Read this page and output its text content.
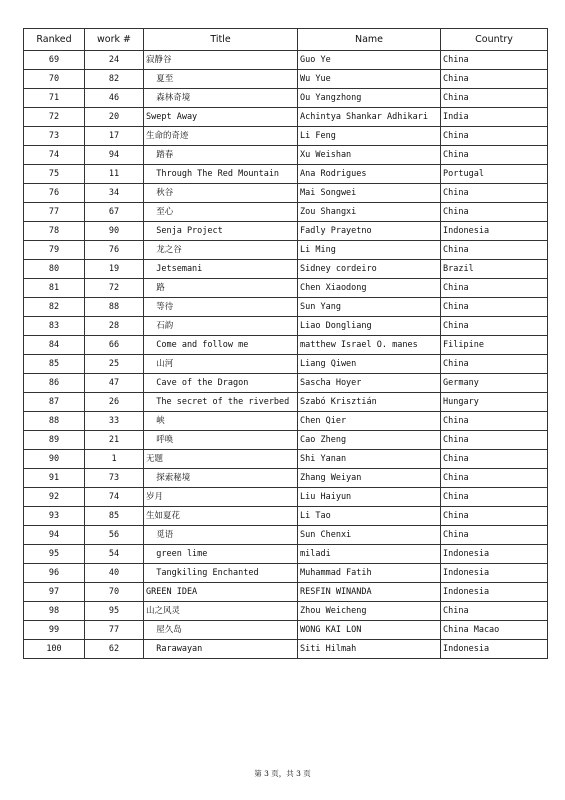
Ranked	work #	Title	Name	Country
69	24	寂静谷	Guo Ye	China
70	82	夏至	Wu Yue	China
71	46	森林奇境	Ou Yangzhong	China
72	20	Swept Away	Achintya Shankar Adhikari	India
73	17	生命的奇迹	Li Feng	China
74	94	踏春	Xu Weishan	China
75	11	Through The Red Mountain	Ana Rodrigues	Portugal
76	34	秋谷	Mai Songwei	China
77	67	至心	Zou Shangxi	China
78	90	Senja Project	Fadly Prayetno	Indonesia
79	76	龙之谷	Li Ming	China
80	19	Jetsemani	Sidney cordeiro	Brazil
81	72	路	Chen Xiaodong	China
82	88	等待	Sun Yang	China
83	28	石韵	Liao Dongliang	China
84	66	Come and follow me	matthew Israel O. manes	Filipine
85	25	山河	Liang Qiwen	China
86	47	Cave of the Dragon	Sascha Hoyer	Germany
87	26	The secret of the riverbed	Szabó Krisztián	Hungary
88	33	峡	Chen Qier	China
89	21	呼唤	Cao Zheng	China
90	1	无题	Shi Yanan	China
91	73	探索秘境	Zhang Weiyan	China
92	74	岁月	Liu Haiyun	China
93	85	生如夏花	Li Tao	China
94	56	觅语	Sun Chenxi	China
95	54	green lime	miladi	Indonesia
96	40	Tangkiling Enchanted	Muhammad Fatih	Indonesia
97	70	GREEN IDEA	RESFIN WINANDA	Indonesia
98	95	山之风灵	Zhou Weicheng	China
99	77	屋久岛	WONG KAI LON	China Macao
100	62	Rarawayan	Siti Hilmah	Indonesia
第 3 页，共 3 页
